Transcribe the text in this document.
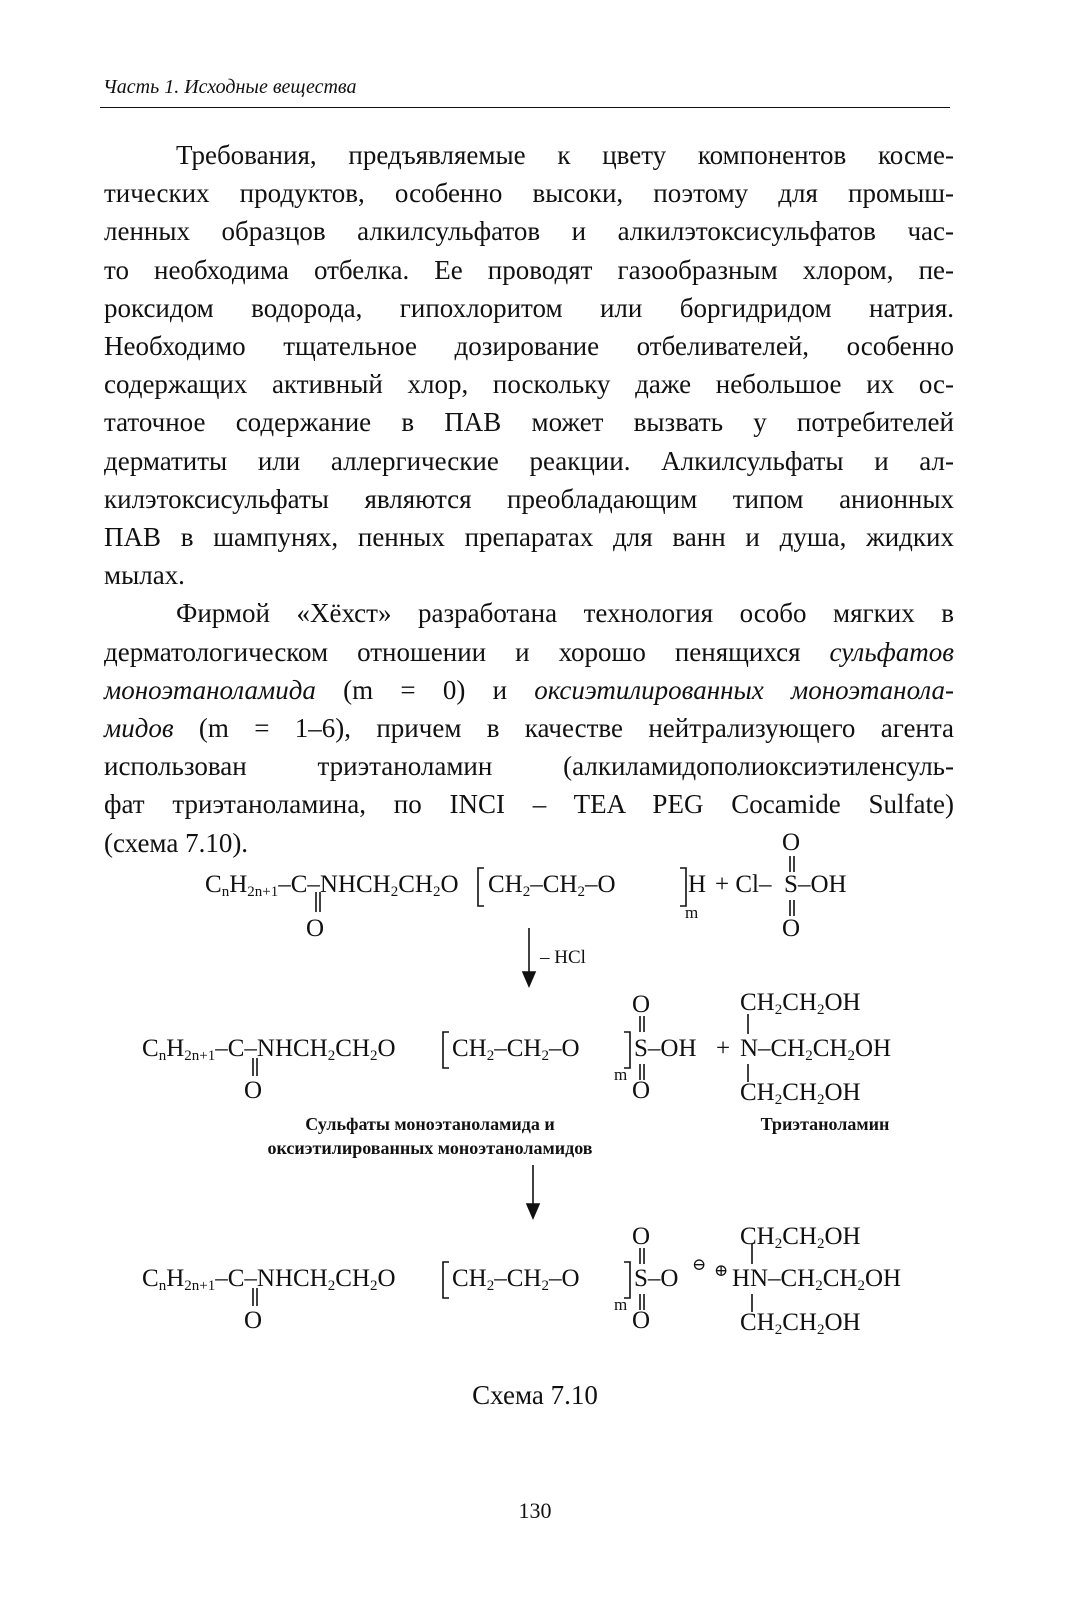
Часть 1. Исходные вещества
Требования, предъявляемые к цвету компонентов косме-
тических продуктов, особенно высоки, поэтому для промыш-
ленных образцов алкилсульфатов и алкилэтоксисульфатов час-
то необходима отбелка. Ее проводят газообразным хлором, пе-
роксидом водорода, гипохлоритом или боргидридом натрия.
Необходимо тщательное дозирование отбеливателей, особенно
содержащих активный хлор, поскольку даже небольшое их ос-
таточное содержание в ПАВ может вызвать у потребителей
дерматиты или аллергические реакции. Алкилсульфаты и ал-
килэтоксисульфаты являются преобладающим типом анионных
ПАВ в шампунях, пенных препаратах для ванн и душа, жидких
мылах.
Фирмой «Хёхст» разработана технология особо мягких в
дерматологическом отношении и хорошо пенящихся сульфатов
моноэтаноламида (m = 0) и оксиэтилированных моноэтанола-
мидов (m = 1–6), причем в качестве нейтрализующего агента
использован триэтаноламин (алкиламидополиоксиэтиленсуль-
фат триэтаноламина, по INCI – TEA PEG Cocamide Sulfate)
(схема 7.10).
$C_nH_{2n+1}-C-NHCH_2CH_2O$
O
$CH_2-CH_2-O$	H
m
+ Cl–
O
S –OH
O
– HCl
$C_nH_{2n+1}-C-NHCH_2CH_2O$
O
$CH_2-CH_2-O$
m
O
S–OH
O
+
$CH_2CH_2OH$
N $-CH_2CH_2OH$
$CH_2CH_2OH$
Сульфаты моноэтаноламида и
оксиэтилированных моноэтаноламидов
Триэтаноламин
$C_nH_{2n+1}-C-NHCH_2CH_2O$
O
$CH_2-CH_2-O$
m
O
S–O
O
⊖ ⊕
$CH_2CH_2OH$
HN $-CH_2CH_2OH$
$CH_2CH_2OH$
Схема 7.10
130
